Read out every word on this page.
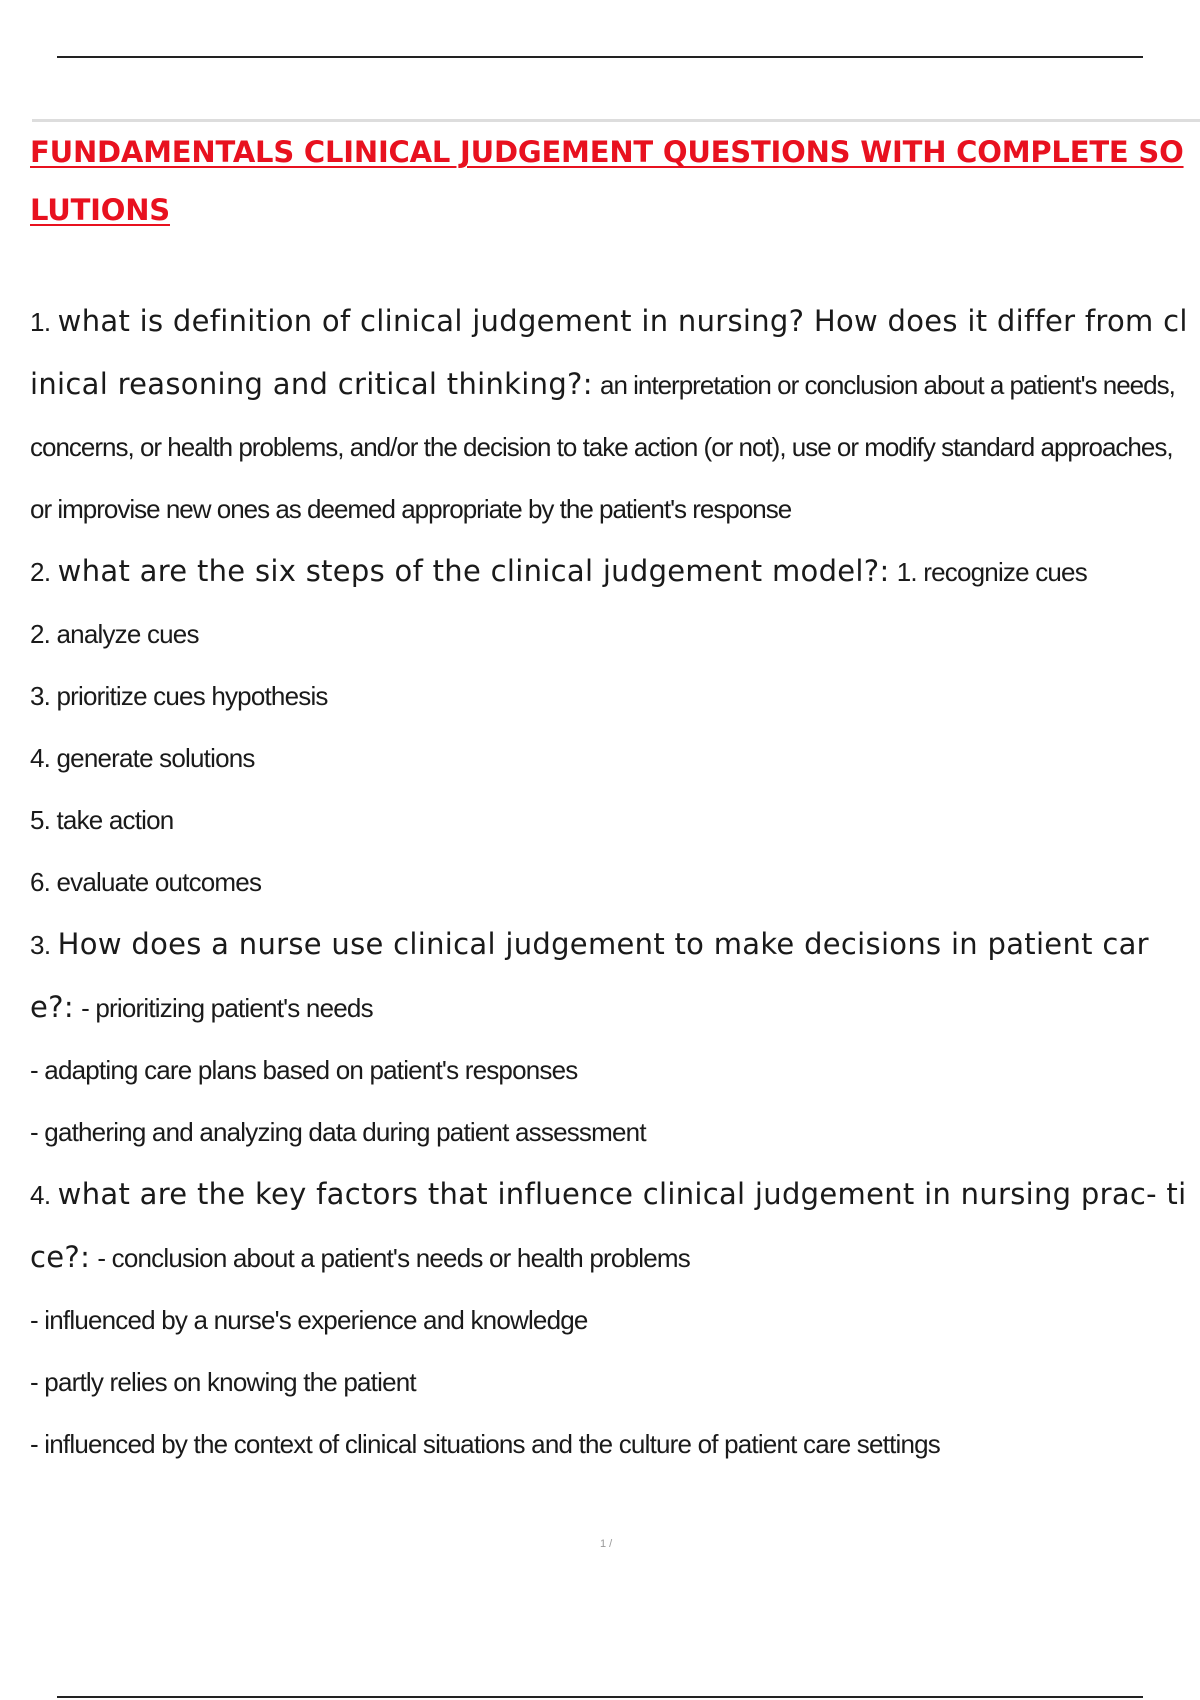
FUNDAMENTALS CLINICAL JUDGEMENT QUESTIONS WITH COMPLETE SOLUTIONS
1. what is definition of clinical judgement in nursing? How does it differ from clinical reasoning and critical thinking?: an interpretation or conclusion about a patient's needs, concerns, or health problems, and/or the decision to take action (or not), use or modify standard approaches, or improvise new ones as deemed appropriate by the patient's response
2. what are the six steps of the clinical judgement model?: 1. recognize cues
2. analyze cues
3. prioritize cues hypothesis
4. generate solutions
5. take action
6. evaluate outcomes
3. How does a nurse use clinical judgement to make decisions in patient care?: - prioritizing patient's needs
- adapting care plans based on patient's responses
- gathering and analyzing data during patient assessment
4. what are the key factors that influence clinical judgement in nursing prac- tice?: - conclusion about a patient's needs or health problems
- influenced by a nurse's experience and knowledge
- partly relies on knowing the patient
- influenced by the context of clinical situations and the culture of patient care settings
1 /
